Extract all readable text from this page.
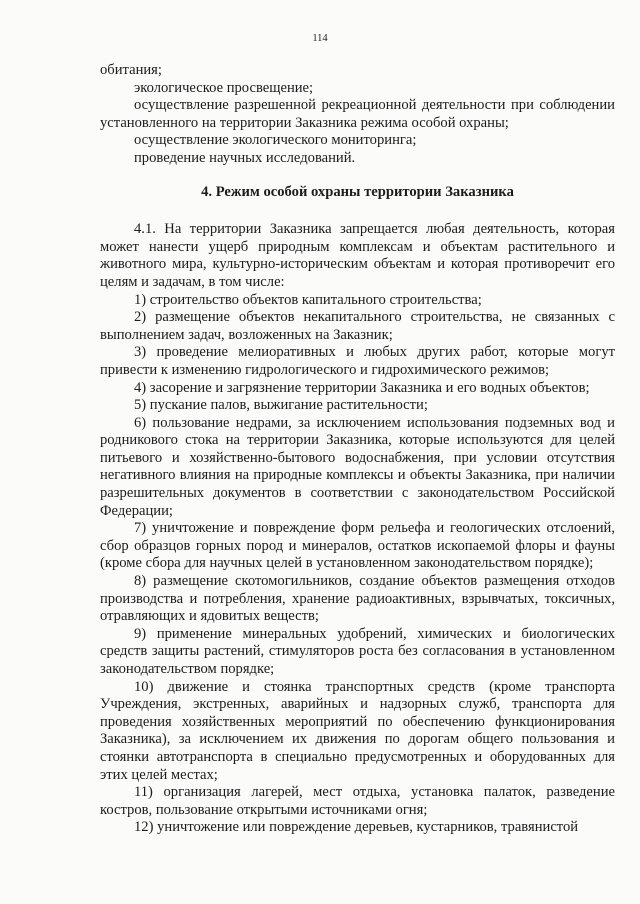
114

обитания;

экологическое просвещение;

осуществление разрешенной рекреационной деятельности при соблюдении установленного на территории Заказника режима особой охраны;

осуществление экологического мониторинга;

проведение научных исследований.

4. Режим особой охраны территории Заказника

4.1. На территории Заказника запрещается любая деятельность, которая может нанести ущерб природным комплексам и объектам растительного и животного мира, культурно-историческим объектам и которая противоречит его целям и задачам, в том числе:

1) строительство объектов капитального строительства;

2) размещение объектов некапитального строительства, не связанных с выполнением задач, возложенных на Заказник;

3) проведение мелиоративных и любых других работ, которые могут привести к изменению гидрологического и гидрохимического режимов;

4) засорение и загрязнение территории Заказника и его водных объектов;

5) пускание палов, выжигание растительности;

6) пользование недрами, за исключением использования подземных вод и родникового стока на территории Заказника, которые используются для целей питьевого и хозяйственно-бытового водоснабжения, при условии отсутствия негативного влияния на природные комплексы и объекты Заказника, при наличии разрешительных документов в соответствии с законодательством Российской Федерации;

7) уничтожение и повреждение форм рельефа и геологических отслоений, сбор образцов горных пород и минералов, остатков ископаемой флоры и фауны (кроме сбора для научных целей в установленном законодательством порядке);

8) размещение скотомогильников, создание объектов размещения отходов производства и потребления, хранение радиоактивных, взрывчатых, токсичных, отравляющих и ядовитых веществ;

9) применение минеральных удобрений, химических и биологических средств защиты растений, стимуляторов роста без согласования в установленном законодательством порядке;

10) движение и стоянка транспортных средств (кроме транспорта Учреждения, экстренных, аварийных и надзорных служб, транспорта для проведения хозяйственных мероприятий по обеспечению функционирования Заказника), за исключением их движения по дорогам общего пользования и стоянки автотранспорта в специально предусмотренных и оборудованных для этих целей местах;

11) организация лагерей, мест отдыха, установка палаток, разведение костров, пользование открытыми источниками огня;

12) уничтожение или повреждение деревьев, кустарников, травянистой
